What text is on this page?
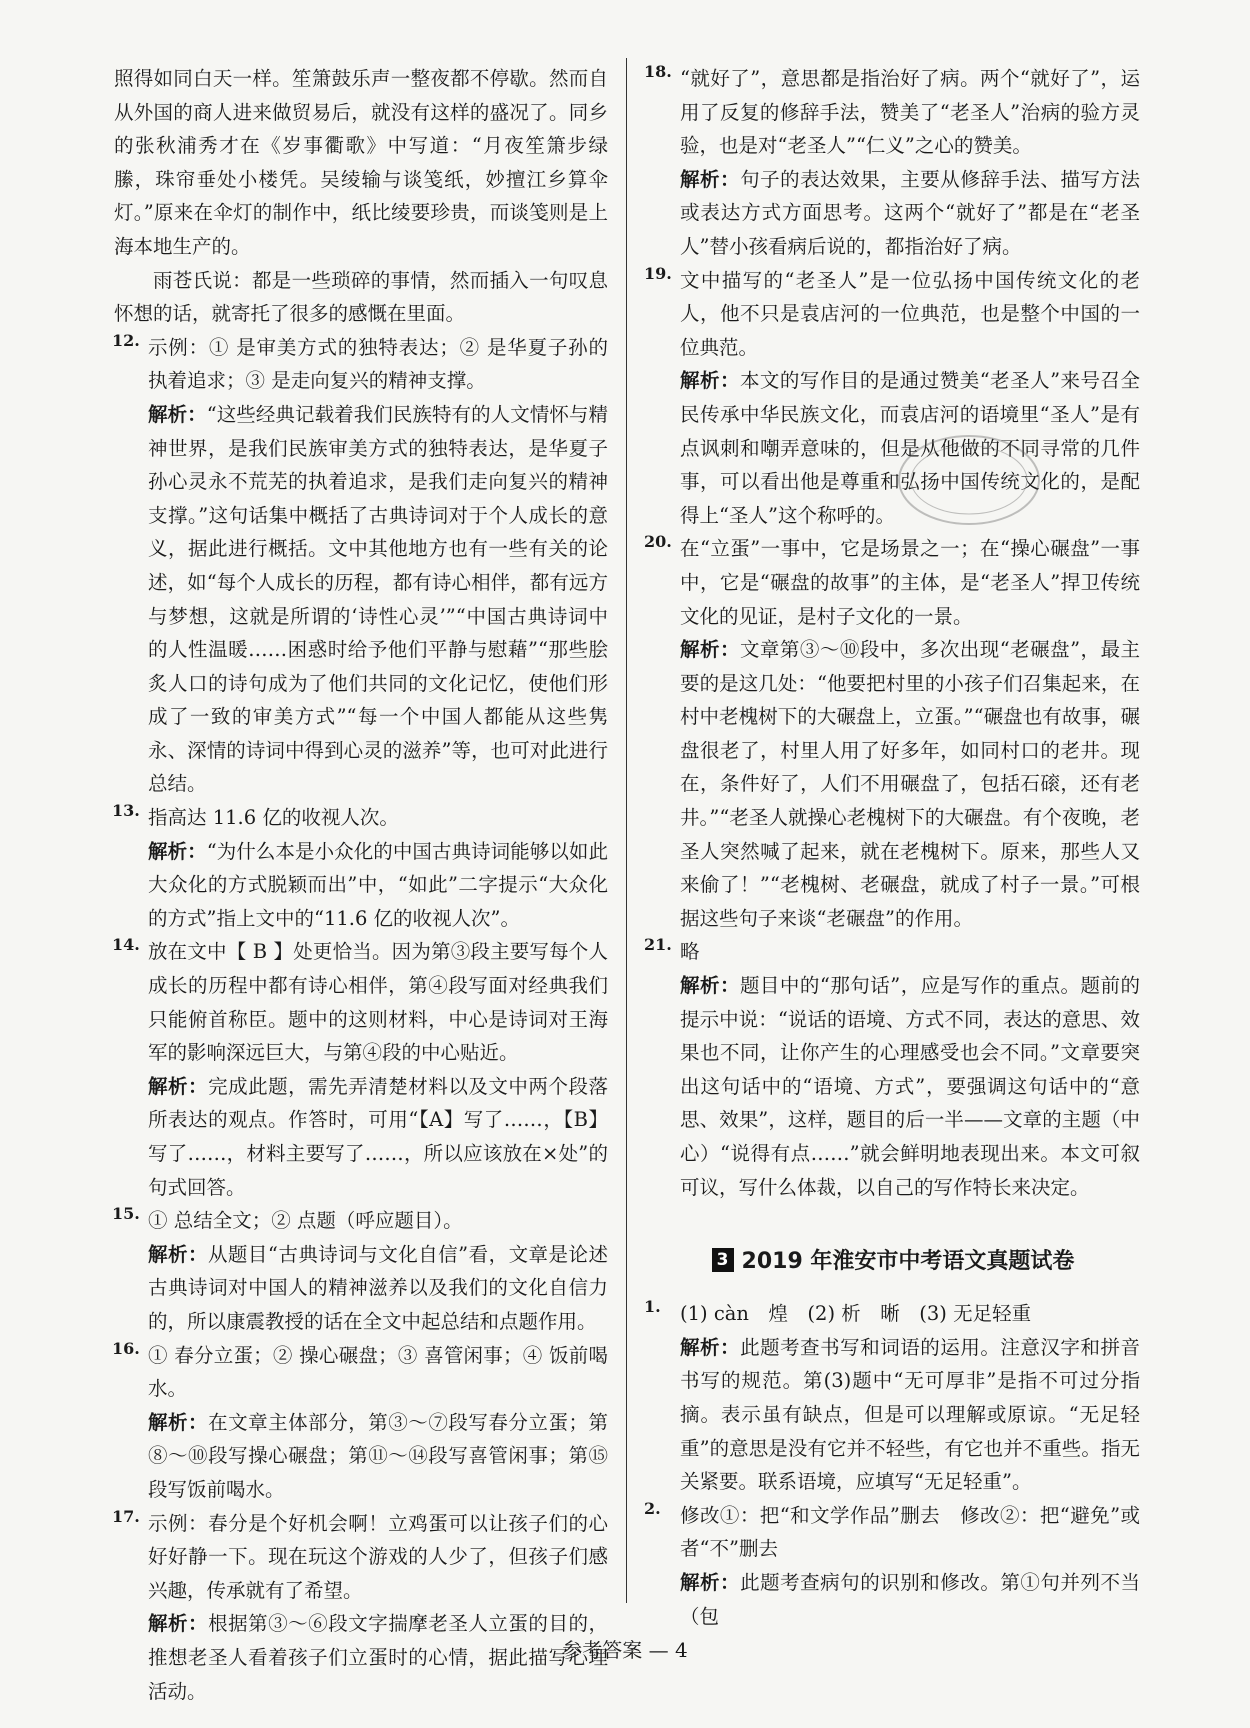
照得如同白天一样。笙箫鼓乐声一整夜都不停歇。然而自从外国的商人进来做贸易后，就没有这样的盛况了。同乡的张秋浦秀才在《岁事衢歌》中写道：“月夜笙箫步绿縢，珠帘垂处小楼凭。吴绫输与谈笺纸，妙擅江乡算伞灯。”原来在伞灯的制作中，纸比绫要珍贵，而谈笺则是上海本地生产的。

雨苍氏说：都是一些琐碎的事情，然而插入一句叹息怀想的话，就寄托了很多的感慨在里面。

12. 示例：① 是审美方式的独特表达；② 是华夏子孙的执着追求；③ 是走向复兴的精神支撑。

解析：“这些经典记载着我们民族特有的人文情怀与精神世界，是我们民族审美方式的独特表达，是华夏子孙心灵永不荒芜的执着追求，是我们走向复兴的精神支撑。”这句话集中概括了古典诗词对于个人成长的意义，据此进行概括。文中其他地方也有一些有关的论述，如“每个人成长的历程，都有诗心相伴，都有远方与梦想，这就是所谓的‘诗性心灵’”“中国古典诗词中的人性温暖……困惑时给予他们平静与慰藉”“那些脍炙人口的诗句成为了他们共同的文化记忆，使他们形成了一致的审美方式”“每一个中国人都能从这些隽永、深情的诗词中得到心灵的滋养”等，也可对此进行总结。

13. 指高达 11.6 亿的收视人次。

解析：“为什么本是小众化的中国古典诗词能够以如此大众化的方式脱颖而出”中，“如此”二字提示“大众化的方式”指上文中的“11.6 亿的收视人次”。

14. 放在文中【 B 】处更恰当。因为第③段主要写每个人成长的历程中都有诗心相伴，第④段写面对经典我们只能俯首称臣。题中的这则材料，中心是诗词对王海军的影响深远巨大，与第④段的中心贴近。

解析：完成此题，需先弄清楚材料以及文中两个段落所表达的观点。作答时，可用“【A】写了……，【B】写了……，材料主要写了……，所以应该放在×处”的句式回答。

15. ① 总结全文；② 点题（呼应题目）。

解析：从题目“古典诗词与文化自信”看，文章是论述古典诗词对中国人的精神滋养以及我们的文化自信力的，所以康震教授的话在全文中起总结和点题作用。

16. ① 春分立蛋；② 操心碾盘；③ 喜管闲事；④ 饭前喝水。

解析：在文章主体部分，第③～⑦段写春分立蛋；第⑧～⑩段写操心碾盘；第⑪～⑭段写喜管闲事；第⑮段写饭前喝水。

17. 示例：春分是个好机会啊！立鸡蛋可以让孩子们的心好好静一下。现在玩这个游戏的人少了，但孩子们感兴趣，传承就有了希望。

解析：根据第③～⑥段文字揣摩老圣人立蛋的目的，推想老圣人看着孩子们立蛋时的心情，据此描写心理活动。

18. “就好了”，意思都是指治好了病。两个“就好了”，运用了反复的修辞手法，赞美了“老圣人”治病的验方灵验，也是对“老圣人”“仁义”之心的赞美。

解析：句子的表达效果，主要从修辞手法、描写方法或表达方式方面思考。这两个“就好了”都是在“老圣人”替小孩看病后说的，都指治好了病。

19. 文中描写的“老圣人”是一位弘扬中国传统文化的老人，他不只是袁店河的一位典范，也是整个中国的一位典范。

解析：本文的写作目的是通过赞美“老圣人”来号召全民传承中华民族文化，而袁店河的语境里“圣人”是有点讽刺和嘲弄意味的，但是从他做的不同寻常的几件事，可以看出他是尊重和弘扬中国传统文化的，是配得上“圣人”这个称呼的。

20. 在“立蛋”一事中，它是场景之一；在“操心碾盘”一事中，它是“碾盘的故事”的主体，是“老圣人”捍卫传统文化的见证，是村子文化的一景。

解析：文章第③～⑩段中，多次出现“老碾盘”，最主要的是这几处：“他要把村里的小孩子们召集起来，在村中老槐树下的大碾盘上，立蛋。”“碾盘也有故事，碾盘很老了，村里人用了好多年，如同村口的老井。现在，条件好了，人们不用碾盘了，包括石磙，还有老井。”“老圣人就操心老槐树下的大碾盘。有个夜晚，老圣人突然喊了起来，就在老槐树下。原来，那些人又来偷了！”“老槐树、老碾盘，就成了村子一景。”可根据这些句子来谈“老碾盘”的作用。

21. 略

解析：题目中的“那句话”，应是写作的重点。题前的提示中说：“说话的语境、方式不同，表达的意思、效果也不同，让你产生的心理感受也会不同。”文章要突出这句话中的“语境、方式”，要强调这句话中的“意思、效果”，这样，题目的后一半——文章的主题（中心）“说得有点……”就会鲜明地表现出来。本文可叙可议，写什么体裁，以自己的写作特长来决定。

3 2019 年淮安市中考语文真题试卷
1. (1) càn　煌　(2) 析　晰　(3) 无足轻重

解析：此题考查书写和词语的运用。注意汉字和拼音书写的规范。第(3)题中“无可厚非”是指不可过分指摘。表示虽有缺点，但是可以理解或原谅。“无足轻重”的意思是没有它并不轻些，有它也并不重些。指无关紧要。联系语境，应填写“无足轻重”。

2. 修改①：把“和文学作品”删去　修改②：把“避免”或者“不”删去

解析：此题考查病句的识别和修改。第①句并列不当（包

参考答案 — 4
